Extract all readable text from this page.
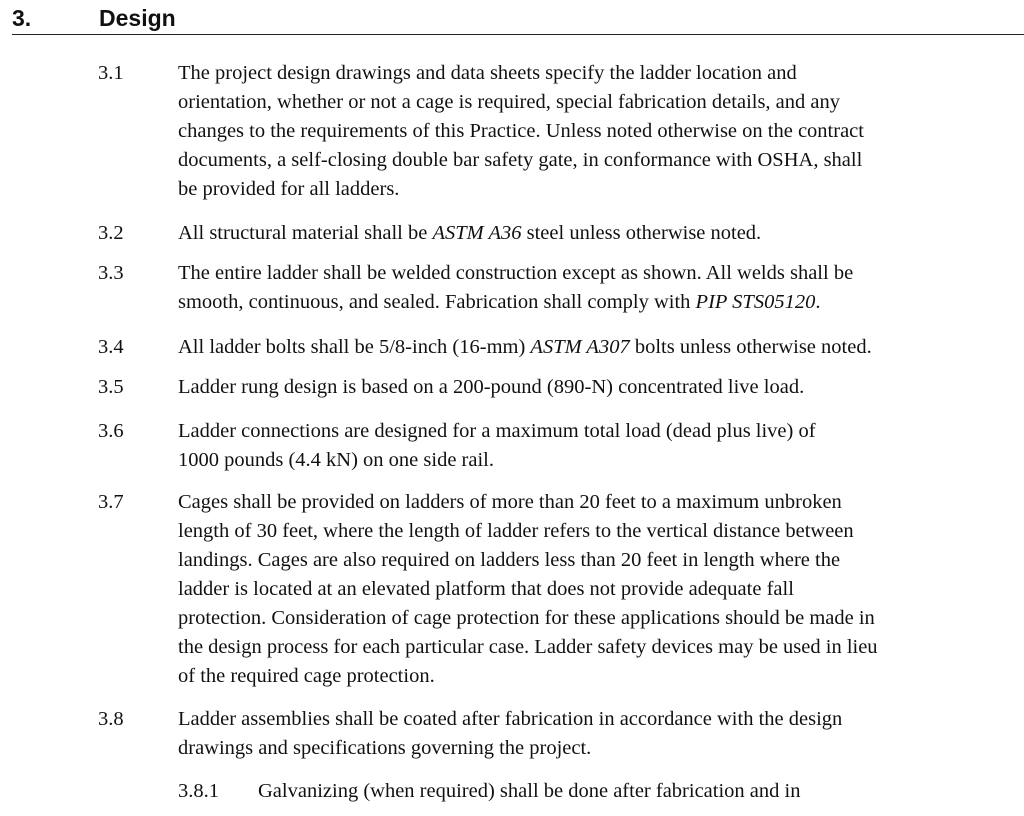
3.	Design
3.1	The project design drawings and data sheets specify the ladder location and
orientation, whether or not a cage is required, special fabrication details, and any
changes to the requirements of this Practice. Unless noted otherwise on the contract
documents, a self-closing double bar safety gate, in conformance with OSHA, shall
be provided for all ladders.
3.2	All structural material shall be ASTM A36 steel unless otherwise noted.
3.3	The entire ladder shall be welded construction except as shown. All welds shall be
smooth, continuous, and sealed. Fabrication shall comply with PIP STS05120.
3.4	All ladder bolts shall be 5/8-inch (16-mm) ASTM A307 bolts unless otherwise noted.
3.5	Ladder rung design is based on a 200-pound (890-N) concentrated live load.
3.6	Ladder connections are designed for a maximum total load (dead plus live) of
1000 pounds (4.4 kN) on one side rail.
3.7	Cages shall be provided on ladders of more than 20 feet to a maximum unbroken
length of 30 feet, where the length of ladder refers to the vertical distance between
landings. Cages are also required on ladders less than 20 feet in length where the
ladder is located at an elevated platform that does not provide adequate fall
protection. Consideration of cage protection for these applications should be made in
the design process for each particular case. Ladder safety devices may be used in lieu
of the required cage protection.
3.8	Ladder assemblies shall be coated after fabrication in accordance with the design
drawings and specifications governing the project.
3.8.1 Galvanizing (when required) shall be done after fabrication and in
